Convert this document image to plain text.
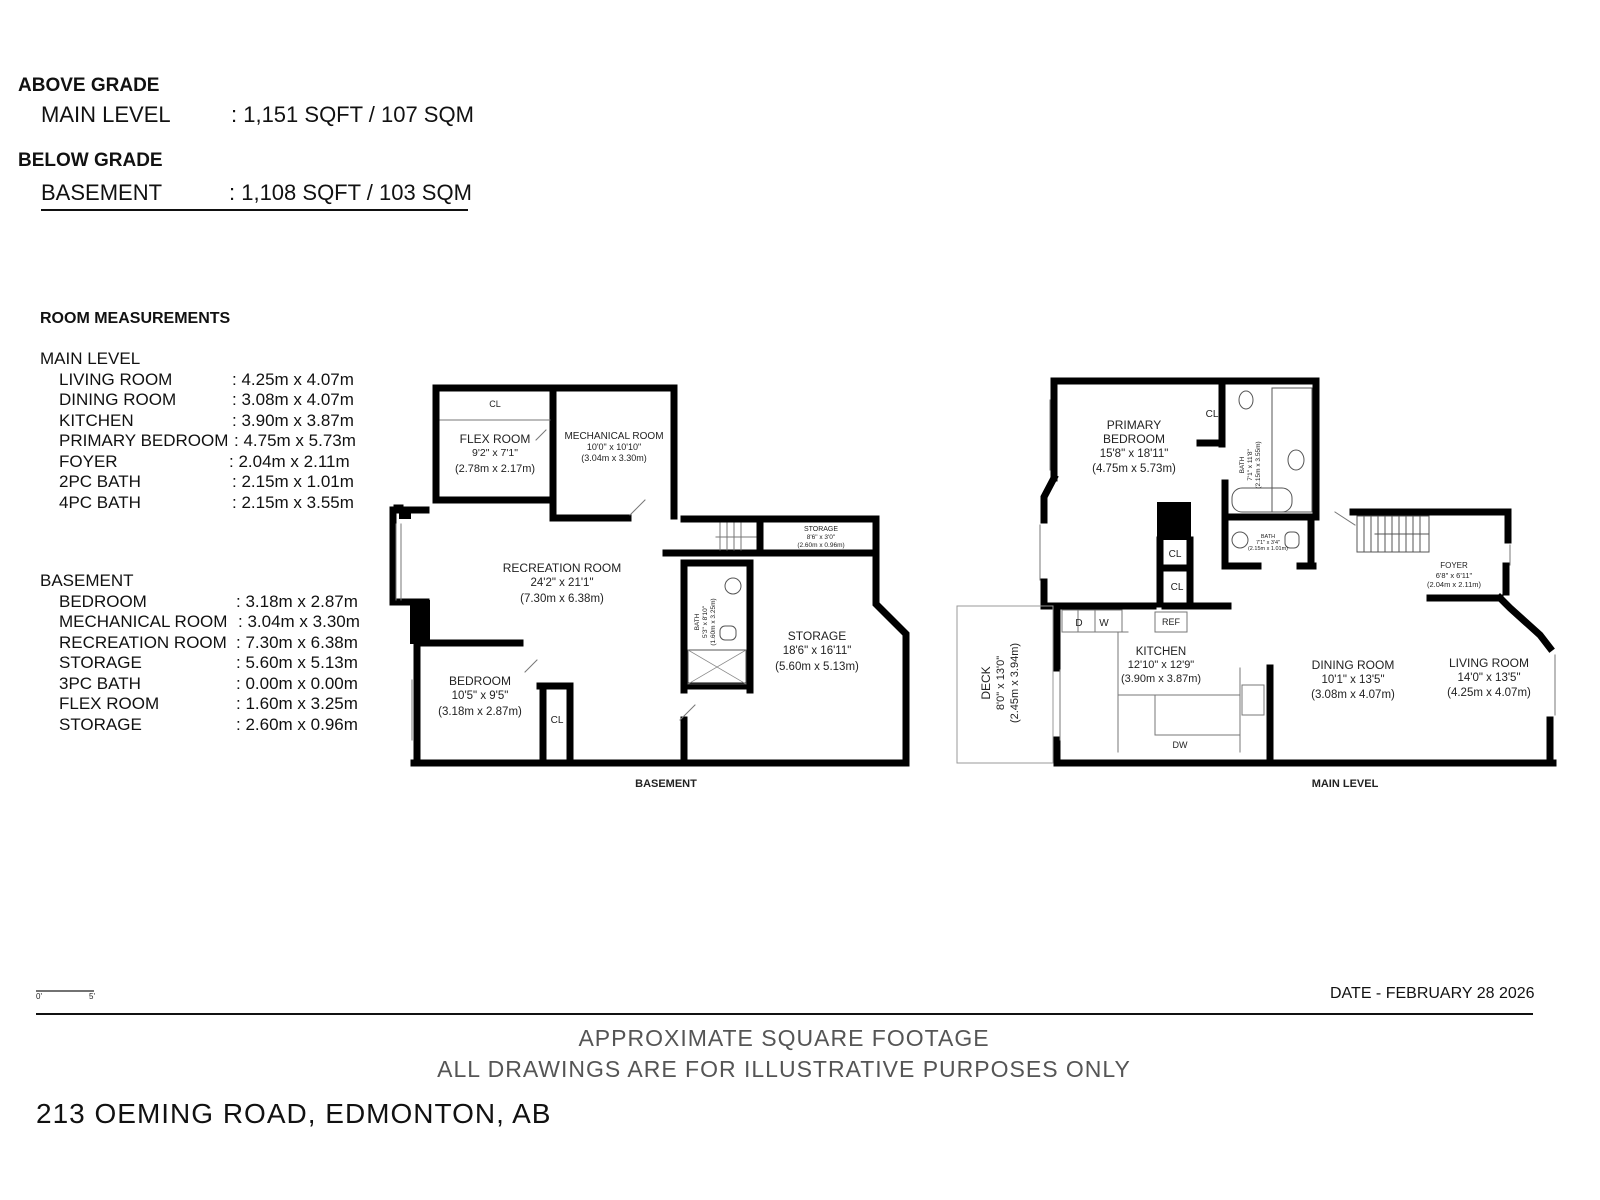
ABOVE GRADE
MAIN LEVEL	: 1,151 SQFT / 107 SQM
BELOW GRADE
BASEMENT	: 1,108 SQFT / 103 SQM
ROOM MEASUREMENTS
MAIN LEVEL
LIVING ROOM	: 4.25m x 4.07m
DINING ROOM	: 3.08m x 4.07m
KITCHEN	: 3.90m x 3.87m
PRIMARY BEDROOM : 4.75m x 5.73m
FOYER	: 2.04m x 2.11m
2PC BATH	: 2.15m x 1.01m
4PC BATH	: 2.15m x 3.55m
BASEMENT
BEDROOM	: 3.18m x 2.87m
MECHANICAL ROOM : 3.04m x 3.30m
RECREATION ROOM : 7.30m x 6.38m
STORAGE	: 5.60m x 5.13m
3PC BATH	: 0.00m x 0.00m
FLEX ROOM	: 1.60m x 3.25m
STORAGE	: 2.60m x 0.96m
CL
FLEX ROOM
9'2" x 7'1"
(2.78m x 2.17m)
MECHANICAL ROOM
10'0" x 10'10"
(3.04m x 3.30m)
RECREATION ROOM
24'2" x 21'1"
(7.30m x 6.38m)
STORAGE
8'6" x 3'0"
(2.60m x 0.96m)
BATH 5'3" x 8'10" (1.60m x 3.25m)	STORAGE
18'6" x 16'11"
(5.60m x 5.13m)
BEDROOM
10'5" x 9'5"
(3.18m x 2.87m)
CL
BASEMENT
PRIMARY
BEDROOM
15'8" x 18'11"
(4.75m x 5.73m)
CL
CL
CL
BATH 7'1" x 11'8" (2.15m x 3.55m)
BATH
7'1" x 3'4"
(2.15m x 1.01m)
FOYER
6'8" x 6'11"
(2.04m x 2.11m)
D W	REF
DW
KITCHEN
12'10" x 12'9"
(3.90m x 3.87m)
DINING ROOM
10'1" x 13'5"
(3.08m x 4.07m)
LIVING ROOM
14'0" x 13'5"
(4.25m x 4.07m)
DECK 8'0" x 13'0" (2.45m x 3.94m)
MAIN LEVEL
0'	5'	DATE - FEBRUARY 28 2026
APPROXIMATE SQUARE FOOTAGE
ALL DRAWINGS ARE FOR ILLUSTRATIVE PURPOSES ONLY
213 OEMING ROAD, EDMONTON, AB
